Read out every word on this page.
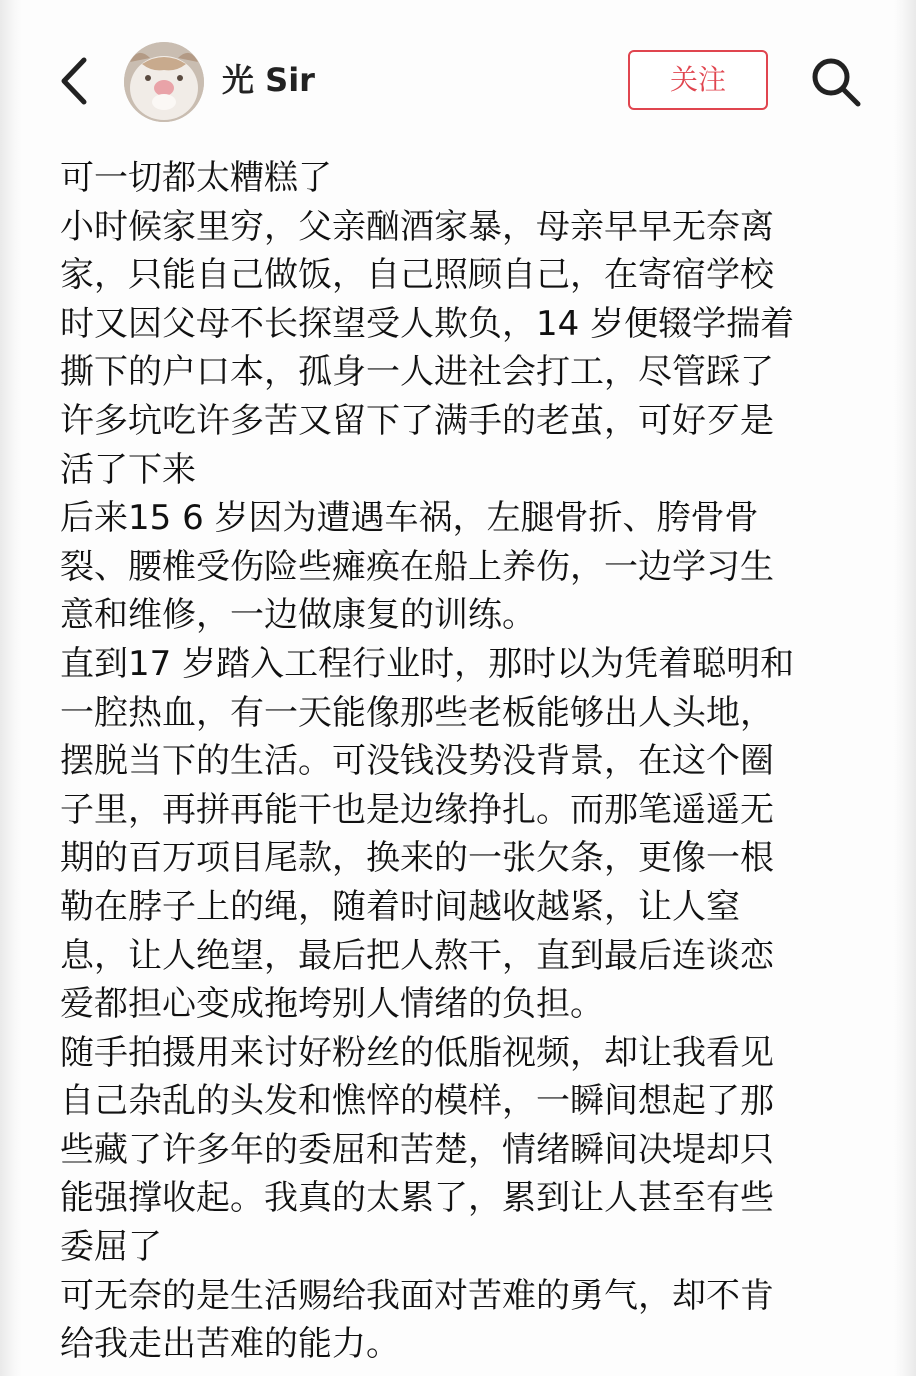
光 Sir	关注
可一切都太糟糕了
小时候家里穷，父亲酗酒家暴，母亲早早无奈离
家，只能自己做饭，自己照顾自己，在寄宿学校
时又因父母不长探望受人欺负，14 岁便辍学揣着
撕下的户口本，孤身一人进社会打工，尽管踩了
许多坑吃许多苦又留下了满手的老茧，可好歹是
活了下来
后来15 6 岁因为遭遇车祸，左腿骨折、胯骨骨
裂、腰椎受伤险些瘫痪在船上养伤，一边学习生
意和维修，一边做康复的训练。
直到17 岁踏入工程行业时，那时以为凭着聪明和
一腔热血，有一天能像那些老板能够出人头地，
摆脱当下的生活。可没钱没势没背景，在这个圈
子里，再拼再能干也是边缘挣扎。而那笔遥遥无
期的百万项目尾款，换来的一张欠条，更像一根
勒在脖子上的绳，随着时间越收越紧，让人窒
息，让人绝望，最后把人熬干，直到最后连谈恋
爱都担心变成拖垮别人情绪的负担。
随手拍摄用来讨好粉丝的低脂视频，却让我看见
自己杂乱的头发和憔悴的模样，一瞬间想起了那
些藏了许多年的委屈和苦楚，情绪瞬间决堤却只
能强撑收起。我真的太累了，累到让人甚至有些
委屈了
可无奈的是生活赐给我面对苦难的勇气，却不肯
给我走出苦难的能力。
